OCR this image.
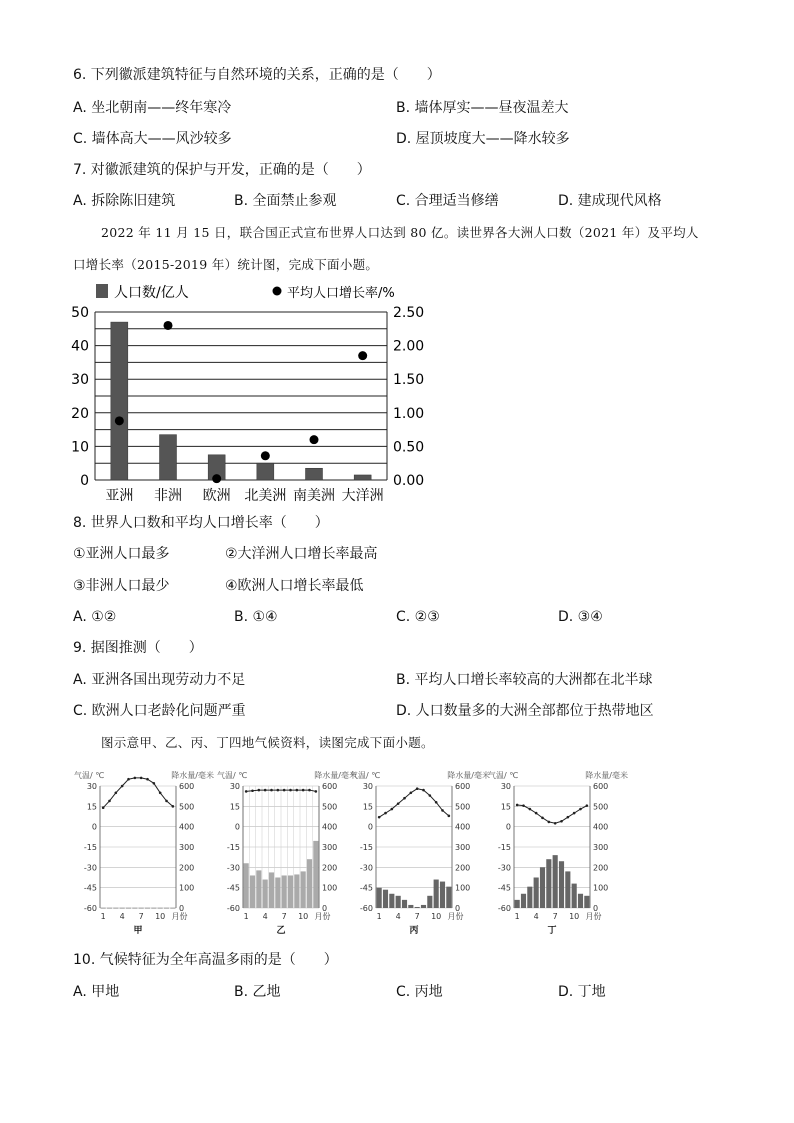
6. 下列徽派建筑特征与自然环境的关系，正确的是（　　）
A. 坐北朝南——终年寒冷	B. 墙体厚实——昼夜温差大
C. 墙体高大——风沙较多	D. 屋顶坡度大——降水较多
7. 对徽派建筑的保护与开发，正确的是（　　）
A. 拆除陈旧建筑	B. 全面禁止参观	C. 合理适当修缮	D. 建成现代风格
2022 年 11 月 15 日，联合国正式宣布世界人口达到 80 亿。读世界各大洲人口数（2021 年）及平均人
口增长率（2015-2019 年）统计图，完成下面小题。
人口数/亿人	平均人口增长率/%
0
10
20
30
40
50
0.00
0.50
1.00
1.50
2.00
2.50
亚洲 非洲 欧洲 北美洲 南美洲 大洋洲
8. 世界人口数和平均人口增长率（　　）
①亚洲人口最多	②大洋洲人口增长率最高
③非洲人口最少	④欧洲人口增长率最低
A. ①②	B. ①④	C. ②③	D. ③④
9. 据图推测（　　）
A. 亚洲各国出现劳动力不足	B. 平均人口增长率较高的大洲都在北半球
C. 欧洲人口老龄化问题严重	D. 人口数量多的大洲全部都位于热带地区
图示意甲、乙、丙、丁四地气候资料，读图完成下面小题。
气温/ ℃	降水量/毫米
30
15
0
-15
-30
-45
-60
600
500
400
300
200
100
0
1 4 7 10 月份
甲
气温/ ℃	降水量/毫米
30
15
0
-15
-30
-45
-60
600
500
400
300
200
100
0
1 4 7 10 月份
乙
气温/ ℃	降水量/毫米
30
15
0
-15
-30
-45
-60
600
500
400
300
200
100
0
1 4 7 10 月份
丙
气温/ ℃	降水量/毫米
30
15
0
-15
-30
-45
-60
600
500
400
300
200
100
0
1 4 7 10 月份
丁
10. 气候特征为全年高温多雨的是（　　）
A. 甲地	B. 乙地	C. 丙地	D. 丁地
